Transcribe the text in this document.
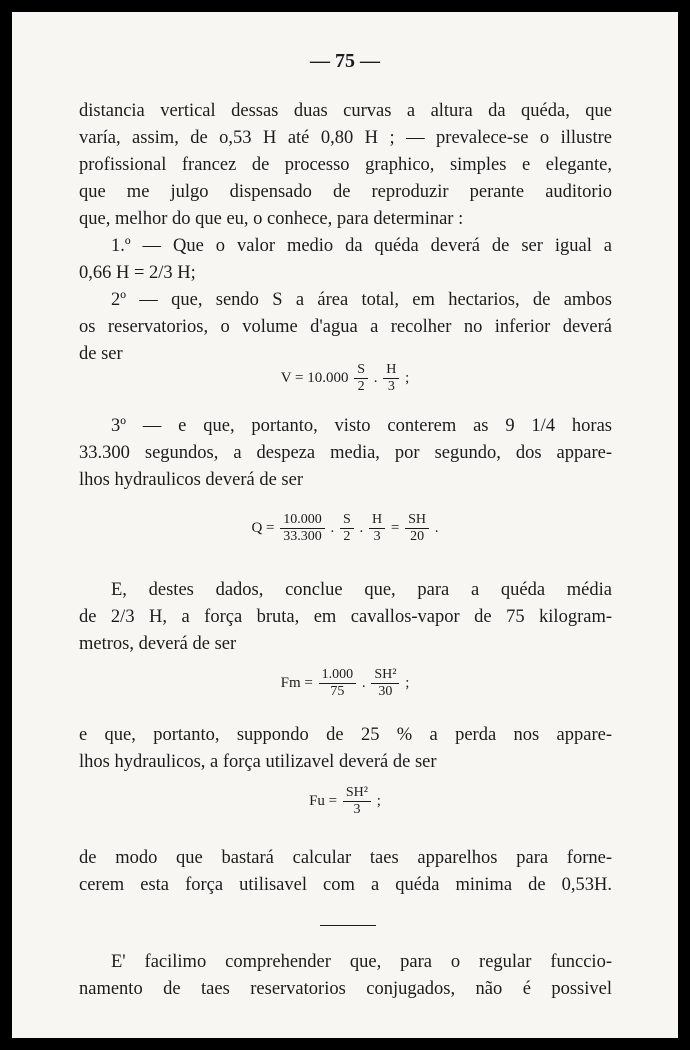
— 75 —
distancia vertical dessas duas curvas a altura da quéda, que
varía, assim, de o,53 H até 0,80 H ; — prevalece-se o illustre
profissional francez de processo graphico, simples e elegante,
que me julgo dispensado de reproduzir perante auditorio
que, melhor do que eu, o conhece, para determinar :
1.º — Que o valor medio da quéda deverá de ser igual a
0,66 H = 2/3 H;
2º — que, sendo S a área total, em hectarios, de ambos
os reservatorios, o volume d'agua a recolher no inferior deverá
de ser
$V = 10.000 \frac{S}{2}$ . $\frac{H}{3}$ ;
3º — e que, portanto, visto conterem as 9 1/4 horas
33.300 segundos, a despeza media, por segundo, dos appare-
lhos hydraulicos deverá de ser
$Q = \frac{10.000}{33.300}$ . $\frac{S}{2}$ . $\frac{H}{3} = \frac{SH}{20}$ .
E, destes dados, conclue que, para a quéda média
de 2/3 H, a força bruta, em cavallos-vapor de 75 kilogram-
metros, deverá de ser
$Fm = \frac{1.000}{75}$ . $\frac{\text{SH²}}{30}$ ;
e que, portanto, suppondo de 25 % a perda nos appare-
lhos hydraulicos, a força utilizavel deverá de ser
$Fu = \frac{\text{SH²}}{3}$ ;
de modo que bastará calcular taes apparelhos para forne-
cerem esta força utilisavel com a quéda minima de 0,53H.
E' facilimo comprehender que, para o regular funccio-
namento de taes reservatorios conjugados, não é possivel
